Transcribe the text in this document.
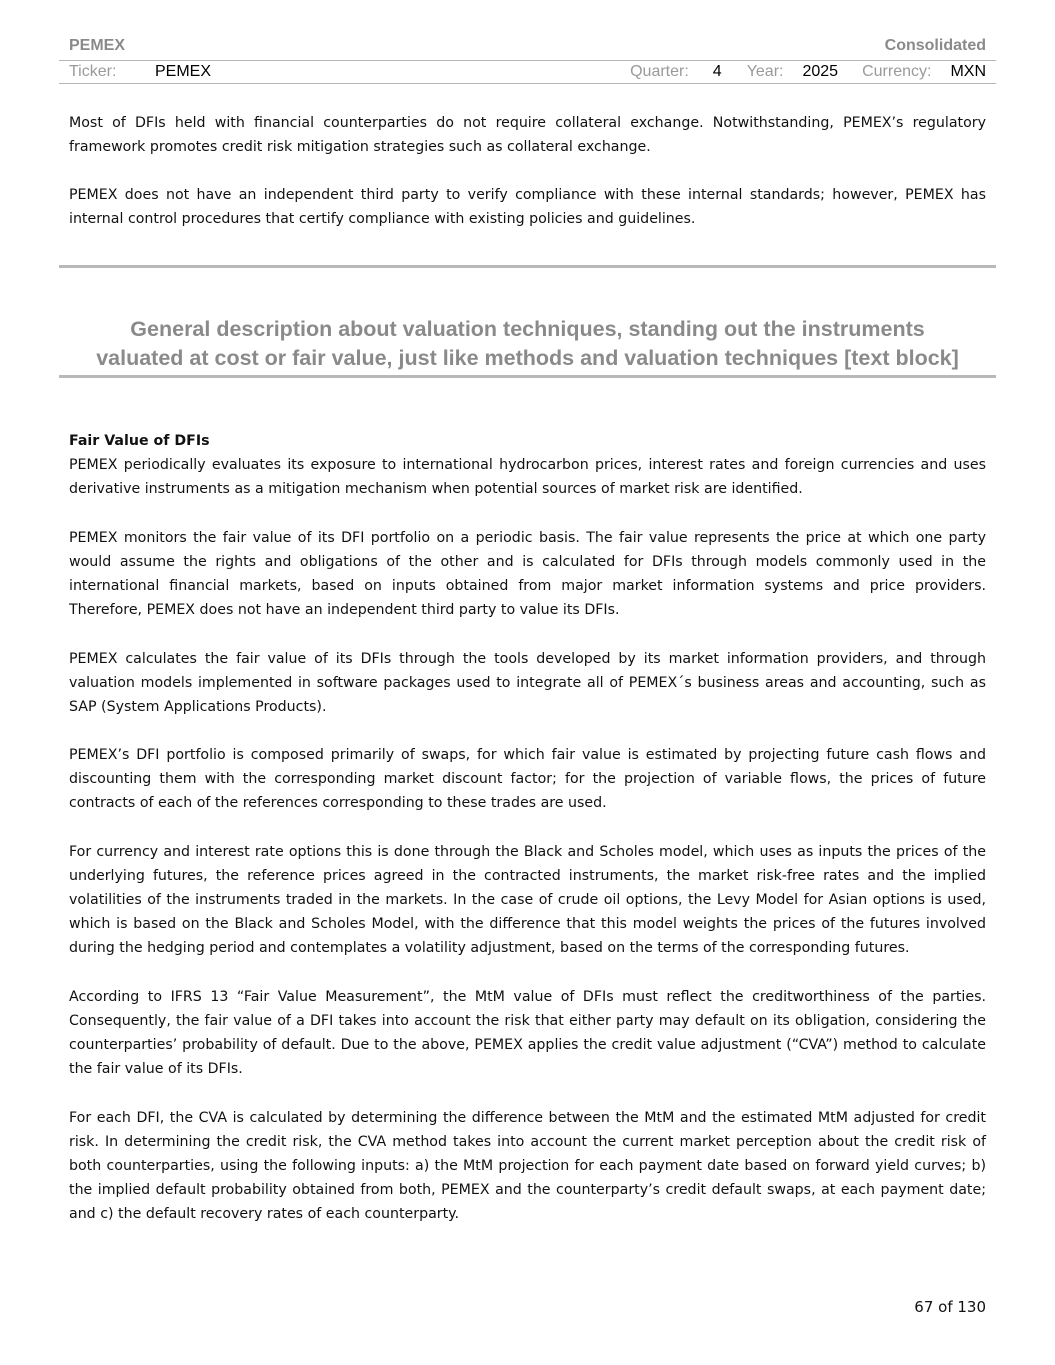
PEMEX	Consolidated
Ticker: PEMEX	Quarter: 4 Year: 2025 Currency: MXN

Most of DFIs held with financial counterparties do not require collateral exchange. Notwithstanding, PEMEX’s regulatory framework promotes credit risk mitigation strategies such as collateral exchange.

PEMEX does not have an independent third party to verify compliance with these internal standards; however, PEMEX has internal control procedures that certify compliance with existing policies and guidelines.

General description about valuation techniques, standing out the instruments
valuated at cost or fair value, just like methods and valuation techniques [text block]

Fair Value of DFIs

PEMEX periodically evaluates its exposure to international hydrocarbon prices, interest rates and foreign currencies and uses derivative instruments as a mitigation mechanism when potential sources of market risk are identified.

PEMEX monitors the fair value of its DFI portfolio on a periodic basis. The fair value represents the price at which one party would assume the rights and obligations of the other and is calculated for DFIs through models commonly used in the international financial markets, based on inputs obtained from major market information systems and price providers. Therefore, PEMEX does not have an independent third party to value its DFIs.

PEMEX calculates the fair value of its DFIs through the tools developed by its market information providers, and through valuation models implemented in software packages used to integrate all of PEMEX´s business areas and accounting, such as SAP (System Applications Products).

PEMEX’s DFI portfolio is composed primarily of swaps, for which fair value is estimated by projecting future cash flows and discounting them with the corresponding market discount factor; for the projection of variable flows, the prices of future contracts of each of the references corresponding to these trades are used.

For currency and interest rate options this is done through the Black and Scholes model, which uses as inputs the prices of the underlying futures, the reference prices agreed in the contracted instruments, the market risk-free rates and the implied volatilities of the instruments traded in the markets. In the case of crude oil options, the Levy Model for Asian options is used, which is based on the Black and Scholes Model, with the difference that this model weights the prices of the futures involved during the hedging period and contemplates a volatility adjustment, based on the terms of the corresponding futures.

According to IFRS 13 “Fair Value Measurement”, the MtM value of DFIs must reflect the creditworthiness of the parties. Consequently, the fair value of a DFI takes into account the risk that either party may default on its obligation, considering the counterparties’ probability of default. Due to the above, PEMEX applies the credit value adjustment (“CVA”) method to calculate the fair value of its DFIs.

For each DFI, the CVA is calculated by determining the difference between the MtM and the estimated MtM adjusted for credit risk. In determining the credit risk, the CVA method takes into account the current market perception about the credit risk of both counterparties, using the following inputs: a) the MtM projection for each payment date based on forward yield curves; b) the implied default probability obtained from both, PEMEX and the counterparty’s credit default swaps, at each payment date; and c) the default recovery rates of each counterparty.

67 of 130
